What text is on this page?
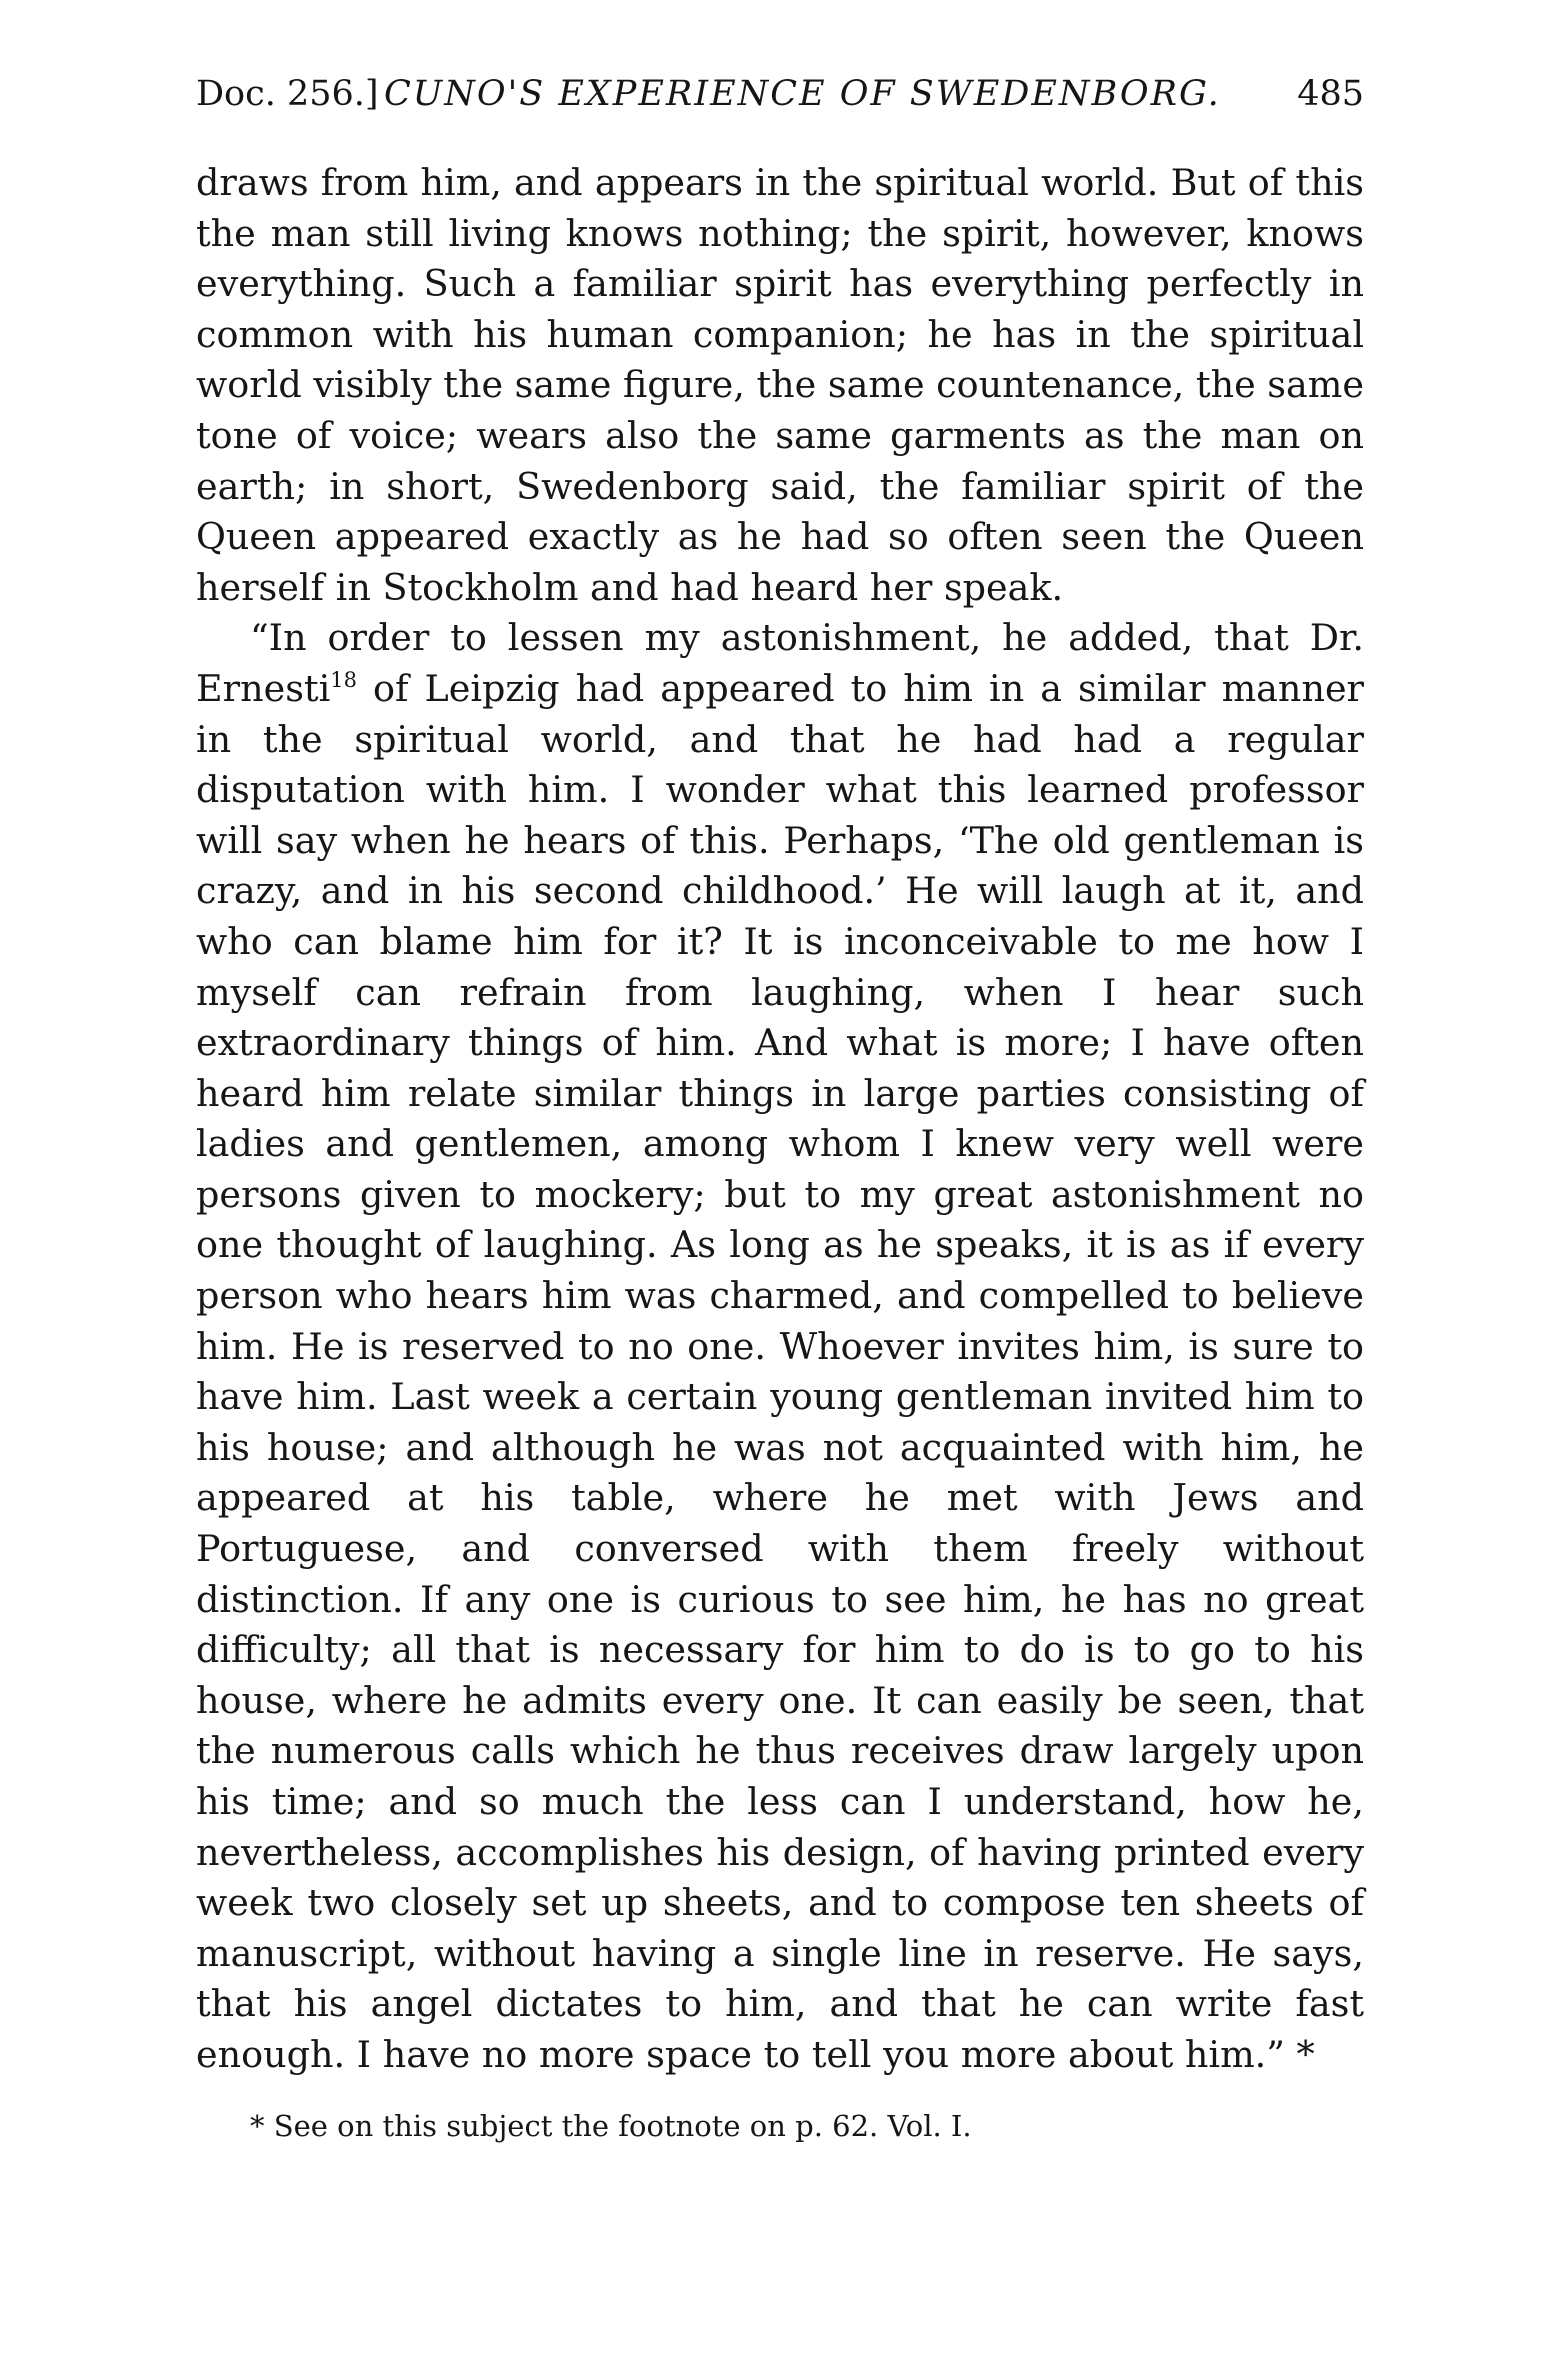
Doc. 256.] CUNO'S EXPERIENCE OF SWEDENBORG. 485

draws from him, and appears in the spiritual world. But of this the man still living knows nothing; the spirit, however, knows everything. Such a familiar spirit has everything perfectly in common with his human companion; he has in the spiritual world visibly the same figure, the same countenance, the same tone of voice; wears also the same garments as the man on earth; in short, Swedenborg said, the familiar spirit of the Queen appeared exactly as he had so often seen the Queen herself in Stockholm and had heard her speak.

“In order to lessen my astonishment, he added, that Dr. Ernesti$^{18}$ of Leipzig had appeared to him in a similar manner in the spiritual world, and that he had had a regular disputation with him. I wonder what this learned professor will say when he hears of this. Perhaps, ‘The old gentleman is crazy, and in his second childhood.’ He will laugh at it, and who can blame him for it? It is inconceivable to me how I myself can refrain from laughing, when I hear such extraordinary things of him. And what is more; I have often heard him relate similar things in large parties consisting of ladies and gentlemen, among whom I knew very well were persons given to mockery; but to my great astonishment no one thought of laughing. As long as he speaks, it is as if every person who hears him was charmed, and compelled to believe him. He is reserved to no one. Whoever invites him, is sure to have him. Last week a certain young gentleman invited him to his house; and although he was not acquainted with him, he appeared at his table, where he met with Jews and Portuguese, and conversed with them freely without distinction. If any one is curious to see him, he has no great difficulty; all that is necessary for him to do is to go to his house, where he admits every one. It can easily be seen, that the numerous calls which he thus receives draw largely upon his time; and so much the less can I understand, how he, nevertheless, accomplishes his design, of having printed every week two closely set up sheets, and to compose ten sheets of manuscript, without having a single line in reserve. He says, that his angel dictates to him, and that he can write fast enough. I have no more space to tell you more about him.” *

* See on this subject the footnote on p. 62. Vol. I.
